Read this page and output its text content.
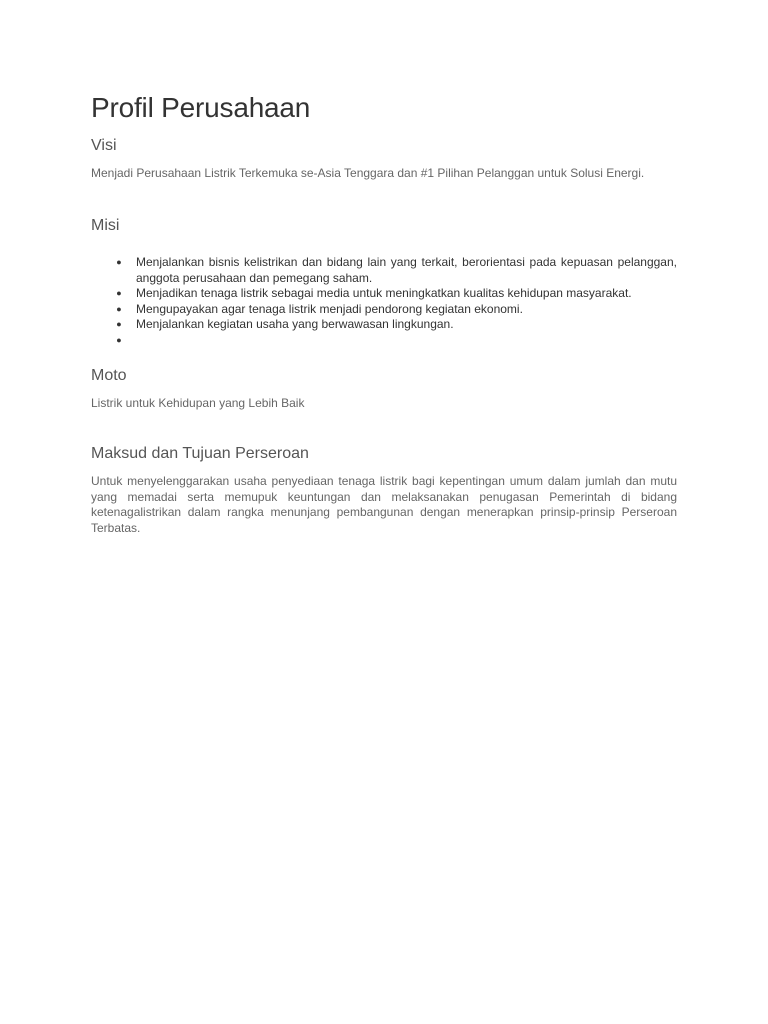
Profil Perusahaan
Visi

Menjadi Perusahaan Listrik Terkemuka se-Asia Tenggara dan #1 Pilihan Pelanggan untuk Solusi Energi.

Misi
● Menjalankan bisnis kelistrikan dan bidang lain yang terkait, berorientasi pada kepuasan pelanggan, anggota perusahaan dan pemegang saham.
● Menjadikan tenaga listrik sebagai media untuk meningkatkan kualitas kehidupan masyarakat.
● Mengupayakan agar tenaga listrik menjadi pendorong kegiatan ekonomi.
● Menjalankan kegiatan usaha yang berwawasan lingkungan.
●
Moto

Listrik untuk Kehidupan yang Lebih Baik

Maksud dan Tujuan Perseroan

Untuk menyelenggarakan usaha penyediaan tenaga listrik bagi kepentingan umum dalam jumlah dan mutu yang memadai serta memupuk keuntungan dan melaksanakan penugasan Pemerintah di bidang ketenagalistrikan dalam rangka menunjang pembangunan dengan menerapkan prinsip-prinsip Perseroan Terbatas.
